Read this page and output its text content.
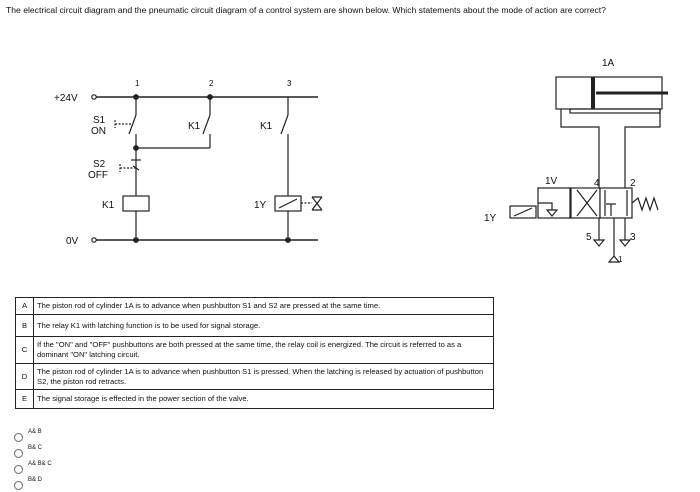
The electrical circuit diagram and the pneumatic circuit diagram of a control system are shown below. Which statements about the mode of action are correct?
+24V
0V
1	2	3
S1
ON
S2
OFF
K1	K1
K1	1Y
1A
1V
1Y
4	2
5	3
1
A	The piston rod of cylinder 1A is to advance when pushbutton S1 and S2 are pressed at the same time.
B	The relay K1 with latching function is to be used for signal storage.
C	If the "ON" and "OFF" pushbuttons are both pressed at the same time, the relay coil is energized. The circuit is referred to as a dominant "ON" latching circuit.
D	The piston rod of cylinder 1A is to advance when pushbutton S1 is pressed. When the latching is released by actuation of pushbutton S2, the piston rod retracts.
E	The signal storage is effected in the power section of the valve.
A& B
B& C
A& B& C
B& D
